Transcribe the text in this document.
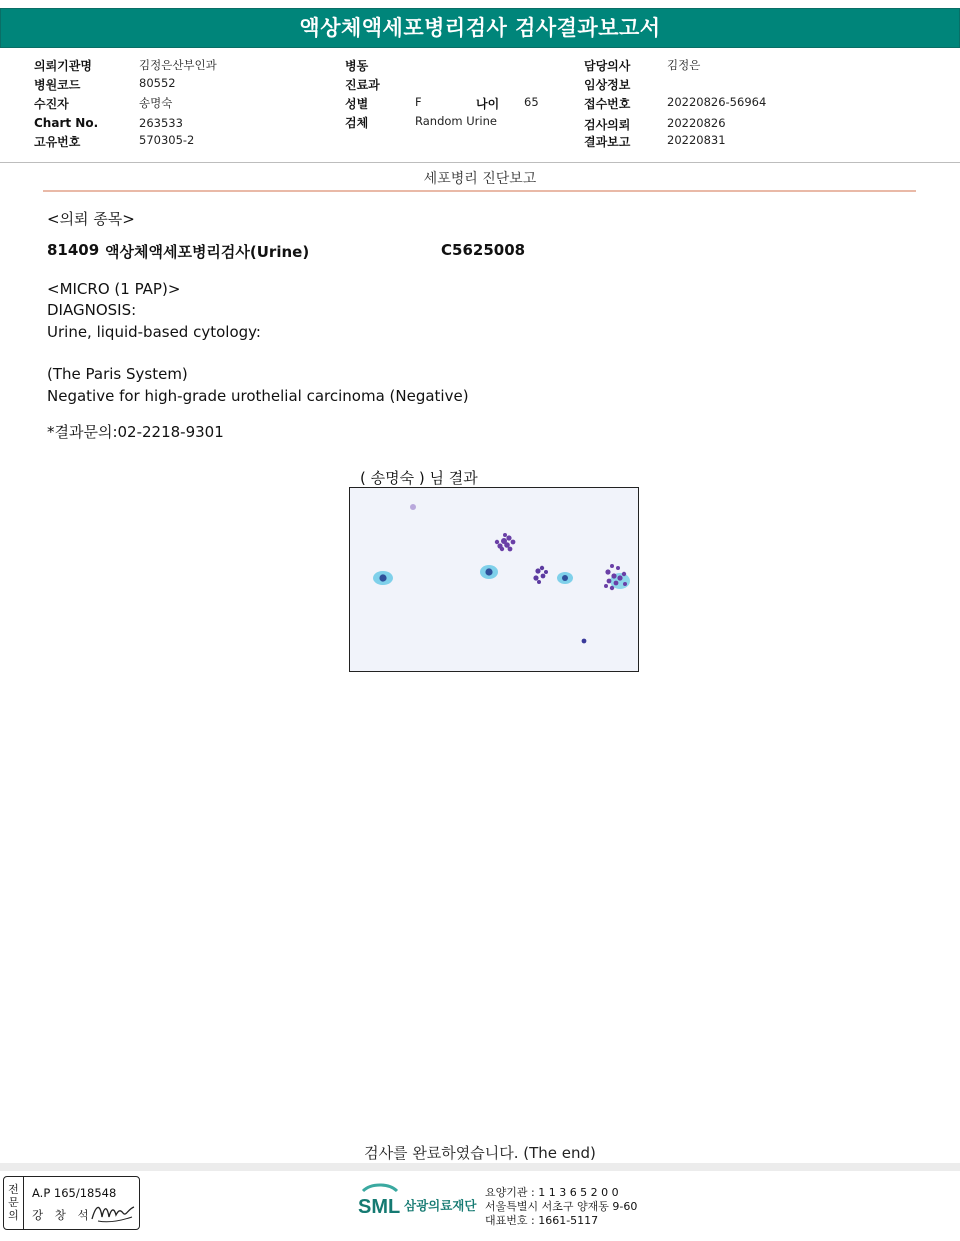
액상체액세포병리검사 검사결과보고서
의뢰기관명	김정은산부인과
병원코드	80552
수진자	송명숙
Chart No.	263533
고유번호	570305-2
병동
진료과
성별	F	나이 65
검체	Random Urine
담당의사	김정은
임상정보
접수번호	20220826-56964
검사의뢰	20220826
결과보고	20220831
세포병리 진단보고
<의뢰 종목>
81409 액상체액세포병리검사(Urine)	C5625008
<MICRO (1 PAP)>
DIAGNOSIS:
Urine, liquid-based cytology:
(The Paris System)
Negative for high-grade urothelial carcinoma (Negative)
*결과문의:02-2218-9301
( 송명숙 ) 님 결과
검사를 완료하였습니다. (The end)
전문의
A.P 165/18548
강 창 석	SML 삼광의료재단
요양기관 : 1 1 3 6 5 2 0 0
서울특별시 서초구 양재동 9-60
대표번호 : 1661-5117
